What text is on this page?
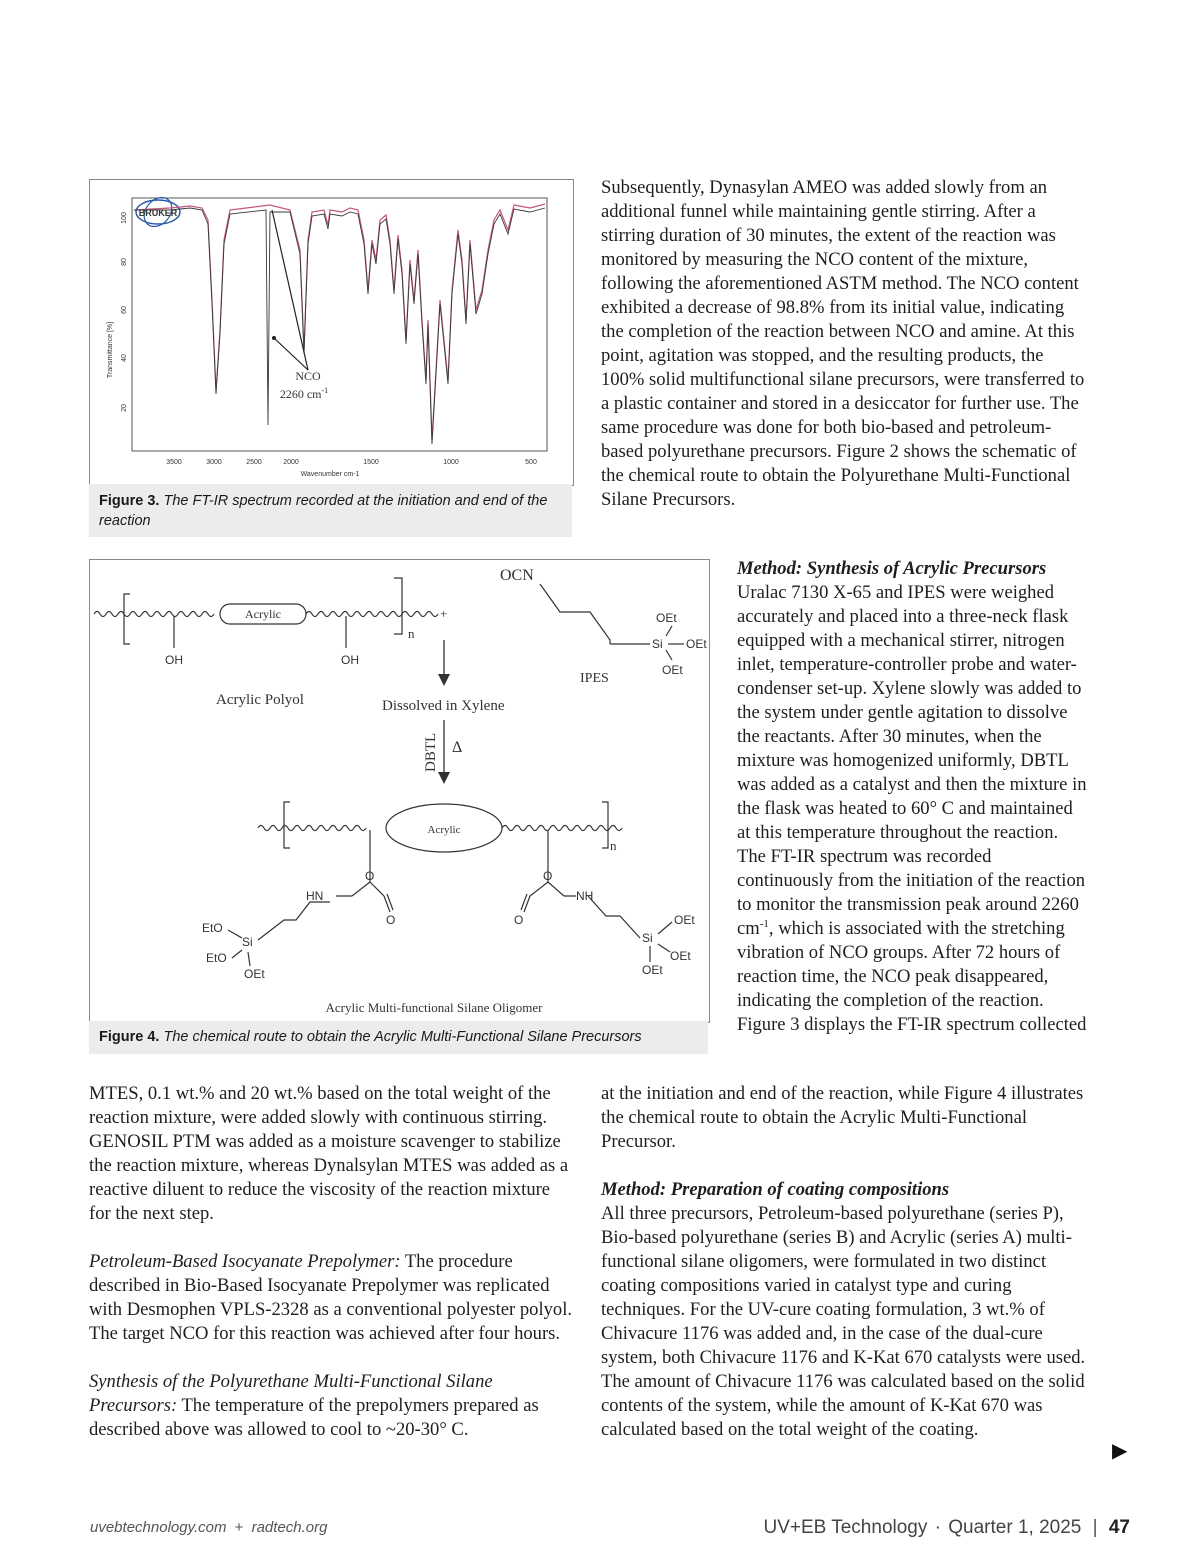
BRUKER
Transmittance [%]
100
80
60
40
20
3500	3000	2500	2000	1500	1000	500
Wavenumber cm-1
NCO
2260 $cm^{-1}$
Figure 3. The FT-IR spectrum recorded at the initiation and end of the reaction

Subsequently, Dynasylan AMEO was added slowly from an additional funnel while maintaining gentle stirring. After a stirring duration of 30 minutes, the extent of the reaction was monitored by measuring the NCO content of the mixture, following the aforementioned ASTM method. The NCO content exhibited a decrease of 98.8% from its initial value, indicating the completion of the reaction between NCO and amine. At this point, agitation was stopped, and the resulting products, the 100% solid multifunctional silane precursors, were transferred to a plastic container and stored in a desiccator for further use. The same procedure was done for both bio-based and petroleum-based polyurethane precursors. Figure 2 shows the schematic of the chemical route to obtain the Polyurethane Multi-Functional Silane Precursors.

Acrylic
OH	OH
n
+
OCN
OEt
Si OEt
OEt
IPES
Acrylic Polyol	Dissolved in Xylene
DBTL Δ
Acrylic
n
O	O
HN	NH
O	O
EtO
Si
EtO
OEt
OEt
Si
OEt
OEt
Acrylic Multi-functional Silane Oligomer
Figure 4. The chemical route to obtain the Acrylic Multi-Functional Silane Precursors

Method: Synthesis of Acrylic Precursors

Uralac 7130 X-65 and IPES were weighed accurately and placed into a three-neck flask equipped with a mechanical stirrer, nitrogen inlet, temperature-controller probe and water-condenser set-up. Xylene slowly was added to the system under gentle agitation to dissolve the reactants. After 30 minutes, when the mixture was homogenized uniformly, DBTL was added as a catalyst and then the mixture in the flask was heated to 60° C and maintained at this temperature throughout the reaction. The FT-IR spectrum was recorded continuously from the initiation of the reaction to monitor the transmission peak around 2260 $cm^{-1}$, which is associated with the stretching vibration of NCO groups. After 72 hours of reaction time, the NCO peak disappeared, indicating the completion of the reaction. Figure 3 displays the FT-IR spectrum collected

at the initiation and end of the reaction, while Figure 4 illustrates the chemical route to obtain the Acrylic Multi-Functional Precursor.

Method: Preparation of coating compositions

All three precursors, Petroleum-based polyurethane (series P), Bio-based polyurethane (series B) and Acrylic (series A) multi-functional silane oligomers, were formulated in two distinct coating compositions varied in catalyst type and curing techniques. For the UV-cure coating formulation, 3 wt.% of Chivacure 1176 was added and, in the case of the dual-cure system, both Chivacure 1176 and K-Kat 670 catalysts were used. The amount of Chivacure 1176 was calculated based on the solid contents of the system, while the amount of K-Kat 670 was calculated based on the total weight of the coating.

MTES, 0.1 wt.% and 20 wt.% based on the total weight of the reaction mixture, were added slowly with continuous stirring. GENOSIL PTM was added as a moisture scavenger to stabilize the reaction mixture, whereas Dynalsylan MTES was added as a reactive diluent to reduce the viscosity of the reaction mixture for the next step.

Petroleum-Based Isocyanate Prepolymer: The procedure described in Bio-Based Isocyanate Prepolymer was replicated with Desmophen VPLS-2328 as a conventional polyester polyol. The target NCO for this reaction was achieved after four hours.

Synthesis of the Polyurethane Multi-Functional Silane Precursors: The temperature of the prepolymers prepared as described above was allowed to cool to ~20-30° C.

▶
uvebtechnology.com + radtech.org	UV+EB Technology · Quarter 1, 2025 | 47
